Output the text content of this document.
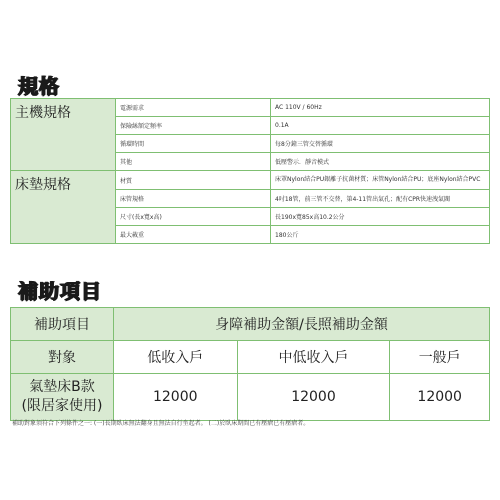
規格
主機規格	電源需求	AC 110V / 60Hz
	保險絲額定頻率	0.1A
	循環時間	每8分鐘三管交替循環
	其他	低壓警示．靜音模式
床墊規格	材質	床罩Nylon結合PU銀離子抗菌材質；床管Nylon結合PU；底座Nylon結合PVC
	床管規格	4吋18管，前三管不交替，第4-11管出氣孔；配有CPR快速洩氣閥
	尺寸(長x寬x高)	長190x寬85x高10.2公分
	最大載重	180公斤
補助項目
補助項目	身障補助金額/長照補助金額		
對象	低收入戶	中低收入戶	一般戶

氣墊床B款
(限居家使用)	12000	12000	12000
補助對象須符合下列條件之一: (一)長期臥床無法翻身且無法自行坐起者。 (二)於臥床期間已有壓瘡已有壓瘡者。
